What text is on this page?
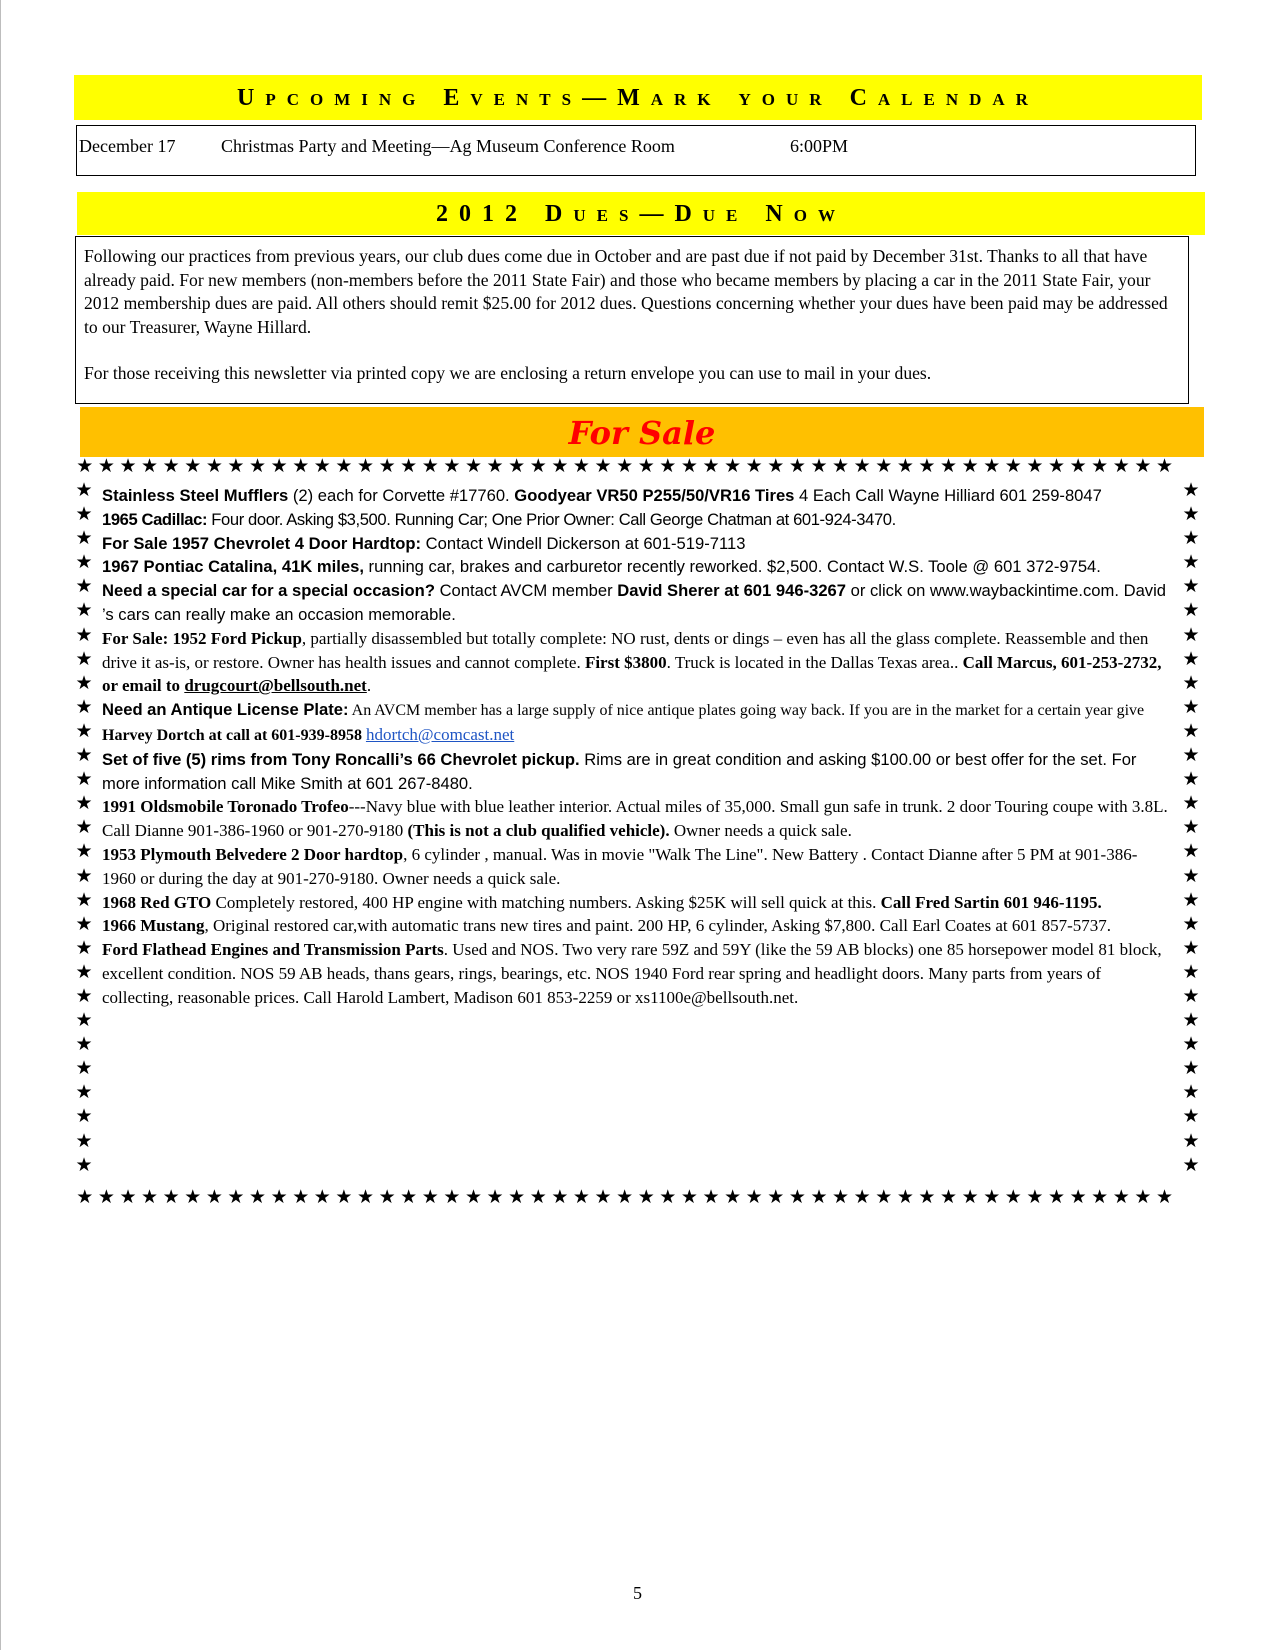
Upcoming Events—Mark your Calendar
December 17	Christmas Party and Meeting—Ag Museum Conference Room	6:00PM
2012 Dues—Due Now

Following our practices from previous years, our club dues come due in October and are past due if not paid by December 31st. Thanks to all that have already paid. For new members (non-members before the 2011 State Fair) and those who became members by placing a car in the 2011 State Fair, your 2012 membership dues are paid. All others should remit $25.00 for 2012 dues. Questions concerning whether your dues have been paid may be addressed to our Treasurer, Wayne Hillard.

For those receiving this newsletter via printed copy we are enclosing a return envelope you can use to mail in your dues.

For Sale
★ ★ ★ ★ ★ ★ ★ ★ ★ ★ ★ ★ ★ ★ ★ ★ ★ ★ ★ ★ ★ ★ ★ ★ ★ ★ ★ ★ ★ ★ ★ ★ ★ ★ ★ ★ ★ ★ ★ ★ ★ ★ ★ ★ ★ ★ ★ ★ ★ ★ ★
★ ★ ★ ★ ★ ★ ★ ★ ★ ★ ★ ★ ★ ★ ★ ★ ★ ★ ★ ★ ★ ★ ★ ★ ★ ★ ★ ★ ★ ★ ★ ★ ★ ★ ★ ★ ★ ★ ★ ★ ★ ★ ★ ★ ★ ★ ★ ★ ★ ★ ★
★
★
★
★
★
★
★
★
★
★
★
★
★
★
★
★
★
★
★
★
★
★
★
★
★
★
★
★
★
★
★
★
★
★
★
★
★
★
★
★
★
★
★
★
★
★
★
★
★
★
★
★
★
★
★
★
★
★

Stainless Steel Mufflers (2) each for Corvette #17760. Goodyear VR50 P255/50/VR16 Tires 4 Each Call Wayne Hilliard 601 259-8047

1965 Cadillac: Four door. Asking $3,500. Running Car; One Prior Owner: Call George Chatman at 601-924-3470.

For Sale 1957 Chevrolet 4 Door Hardtop: Contact Windell Dickerson at 601-519-7113

1967 Pontiac Catalina, 41K miles, running car, brakes and carburetor recently reworked. $2,500. Contact W.S. Toole @ 601 372-9754.

Need a special car for a special occasion? Contact AVCM member David Sherer at 601 946-3267 or click on www.waybackintime.com. David ’s cars can really make an occasion memorable.

For Sale: 1952 Ford Pickup, partially disassembled but totally complete: NO rust, dents or dings – even has all the glass complete. Reassemble and then drive it as-is, or restore. Owner has health issues and cannot complete. First $3800. Truck is located in the Dallas Texas area.. Call Marcus, 601-253-2732, or email to drugcourt@bellsouth.net.

Need an Antique License Plate: An AVCM member has a large supply of nice antique plates going way back. If you are in the market for a certain year give Harvey Dortch at call at 601-939-8958 hdortch@comcast.net

Set of five (5) rims from Tony Roncalli’s 66 Chevrolet pickup. Rims are in great condition and asking $100.00 or best offer for the set. For more information call Mike Smith at 601 267-8480.

1991 Oldsmobile Toronado Trofeo---Navy blue with blue leather interior. Actual miles of 35,000. Small gun safe in trunk. 2 door Touring coupe with 3.8L. Call Dianne 901-386-1960 or 901-270-9180 (This is not a club qualified vehicle). Owner needs a quick sale.

1953 Plymouth Belvedere 2 Door hardtop, 6 cylinder , manual. Was in movie "Walk The Line". New Battery . Contact Dianne after 5 PM at 901-386-1960 or during the day at 901-270-9180. Owner needs a quick sale.

1968 Red GTO Completely restored, 400 HP engine with matching numbers. Asking $25K will sell quick at this. Call Fred Sartin 601 946-1195.

1966 Mustang, Original restored car,with automatic trans new tires and paint. 200 HP, 6 cylinder, Asking $7,800. Call Earl Coates at 601 857-5737.

Ford Flathead Engines and Transmission Parts. Used and NOS. Two very rare 59Z and 59Y (like the 59 AB blocks) one 85 horsepower model 81 block, excellent condition. NOS 59 AB heads, thans gears, rings, bearings, etc. NOS 1940 Ford rear spring and headlight doors. Many parts from years of collecting, reasonable prices. Call Harold Lambert, Madison 601 853-2259 or xs1100e@bellsouth.net.

5
